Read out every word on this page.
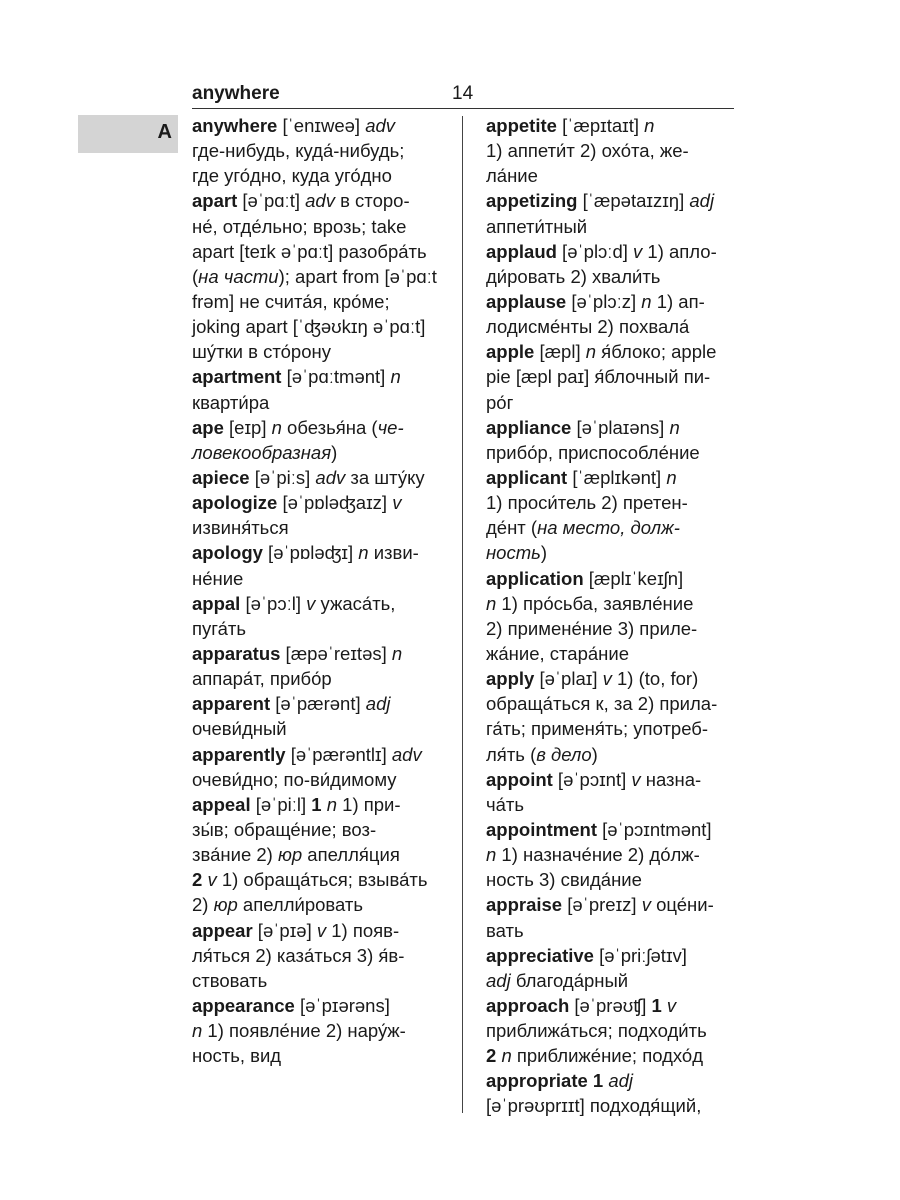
anywhere	14
A anywhere [ˈenɪweə] adv
где-нибудь, куда́-нибудь;
где уго́дно, куда уго́дно
apart [əˈpɑːt] adv в сторо-
не́, отде́льно; врозь; take
apart [teɪk əˈpɑːt] разобра́ть
(на части); apart from [əˈpɑːt
frəm] не счита́я, кро́ме;
joking apart [ˈʤəʊkɪŋ əˈpɑːt]
шу́тки в сто́рону
apartment [əˈpɑːtmənt] n
кварти́ра
ape [eɪp] n обезья́на (че-
ловекообразная)
apiece [əˈpiːs] adv за шту́ку
apologize [əˈpɒləʤaɪz] v
извиня́ться
apology [əˈpɒləʤɪ] n изви-
не́ние
appal [əˈpɔːl] v ужаса́ть,
пуга́ть
apparatus [æpəˈreɪtəs] n
аппара́т, прибо́р
apparent [əˈpærənt] adj
очеви́дный
apparently [əˈpærəntlɪ] adv
очеви́дно; по-ви́димому
appeal [əˈpiːl] 1 n 1) при-
зы́в; обраще́ние; воз-
зва́ние 2) юр апелля́ция
2 v 1) обраща́ться; взыва́ть
2) юр апелли́ровать
appear [əˈpɪə] v 1) появ-
ля́ться 2) каза́ться 3) я́в-
ствовать
appearance [əˈpɪərəns]
n 1) появле́ние 2) нару́ж-
ность, вид
appetite [ˈæpɪtaɪt] n
1) аппети́т 2) охо́та, же-
ла́ние
appetizing [ˈæpətaɪzɪŋ] adj
аппети́тный
applaud [əˈplɔːd] v 1) апло-
ди́ровать 2) хвали́ть
applause [əˈplɔːz] n 1) ап-
лодисме́нты 2) похвала́
apple [æpl] n я́блоко; apple
pie [æpl paɪ] я́блочный пи-
ро́г
appliance [əˈplaɪəns] n
прибо́р, приспособле́ние
applicant [ˈæplɪkənt] n
1) проси́тель 2) претен-
де́нт (на место, долж-
ность)
application [æplɪˈkeɪʃn]
n 1) про́сьба, заявле́ние
2) примене́ние 3) приле-
жа́ние, стара́ние
apply [əˈplaɪ] v 1) (to, for)
обраща́ться к, за 2) прила-
га́ть; применя́ть; употреб-
ля́ть (в дело)
appoint [əˈpɔɪnt] v назна-
ча́ть
appointment [əˈpɔɪntmənt]
n 1) назначе́ние 2) до́лж-
ность 3) свида́ние
appraise [əˈpreɪz] v оце́ни-
вать
appreciative [əˈpriːʃətɪv]
adj благода́рный
approach [əˈprəʊʧ] 1 v
приближа́ться; подходи́ть
2 n приближе́ние; подхо́д
appropriate 1 adj
[əˈprəʊprɪɪt] подходя́щий,
